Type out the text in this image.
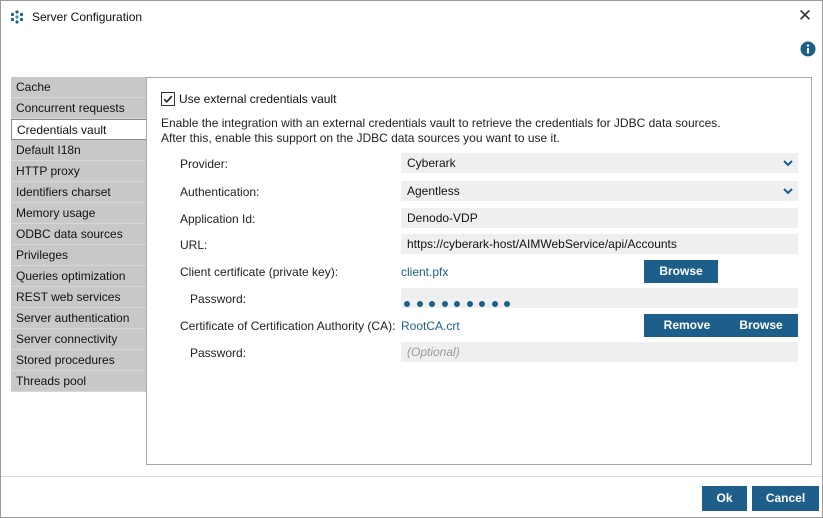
Server Configuration	✕
Cache
Concurrent requests
Credentials vault
Default I18n
HTTP proxy
Identifiers charset
Memory usage
ODBC data sources
Privileges
Queries optimization
REST web services
Server authentication
Server connectivity
Stored procedures
Threads pool
Use external credentials vault
Enable the integration with an external credentials vault to retrieve the credentials for JDBC data sources.
After this, enable this support on the JDBC data sources you want to use it.
Provider:	Cyberark
Authentication:	Agentless
Application Id:	Denodo-VDP
URL:	https://cyberark-host/AIMWebService/api/Accounts
Client certificate (private key):	client.pfx	Browse
Password:
Certificate of Certification Authority (CA): RootCA.crt	Remove	Browse
Password:	(Optional)
Ok	Cancel
